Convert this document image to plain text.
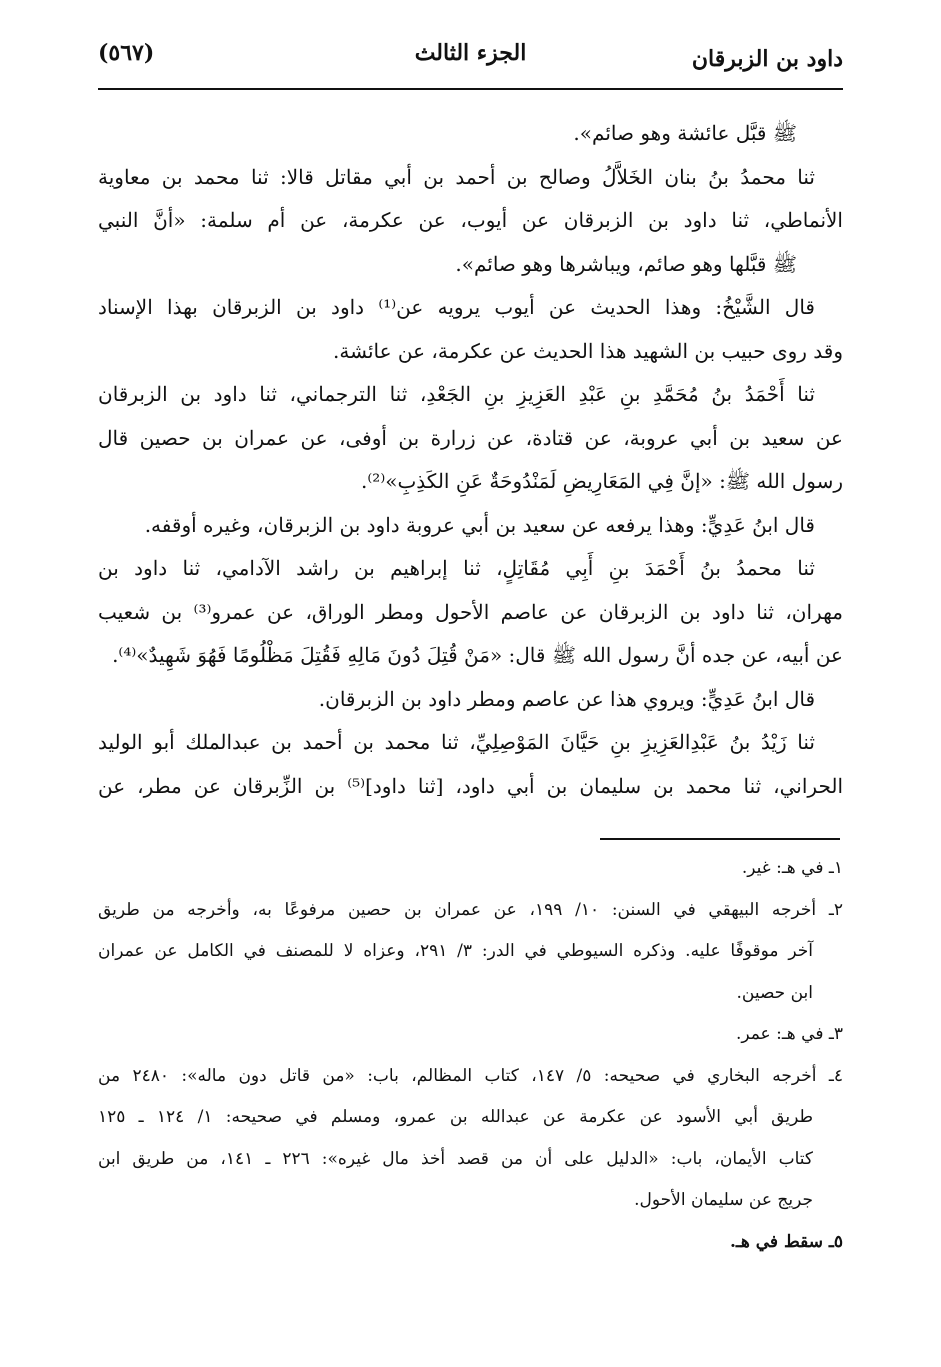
داود بن الزبرقان
الجزء الثالث
(٥٦٧)
ﷺ قبَّل عائشة وهو صائم».
ثنا محمدُ بنُ بنان الخَلاَّلُ وصالح بن أحمد بن أبي مقاتل قالا: ثنا محمد بن معاوية
الأنماطي، ثنا داود بن الزبرقان عن أيوب، عن عكرمة، عن أم سلمة: «أنَّ النبي
ﷺ قبَّلها وهو صائم، ويباشرها وهو صائم».
قال الشَّيْخُ: وهذا الحديث عن أيوب يرويه عن⁽¹⁾ داود بن الزبرقان بهذا الإسناد
وقد روى حبيب بن الشهيد هذا الحديث عن عكرمة، عن عائشة.
ثنا أَحْمَدُ بنُ مُحَمَّدِ بنِ عَبْدِ العَزِيزِ بنِ الجَعْدِ، ثنا الترجماني، ثنا داود بن الزبرقان
عن سعيد بن أبي عروبة، عن قتادة، عن زرارة بن أوفى، عن عمران بن حصين قال
رسول الله ﷺ: «إنَّ فِي المَعَارِيضِ لَمَنْدُوحَةٌ عَنِ الكَذِبِ»⁽²⁾.
قال ابنُ عَدِيٍّ: وهذا يرفعه عن سعيد بن أبي عروبة داود بن الزبرقان، وغيره أوقفه.
ثنا محمدُ بنُ أَحْمَدَ بنِ أَبِي مُقَاتِلٍ، ثنا إبراهيم بن راشد الآدامي، ثنا داود بن
مهران، ثنا داود بن الزبرقان عن عاصم الأحول ومطر الوراق، عن عمرو⁽³⁾ بن شعيب
عن أبيه، عن جده أنَّ رسول الله ﷺ قال: «مَنْ قُتِلَ دُونَ مَالِهِ فَقُتِلَ مَظْلُومًا فَهُوَ شَهِيدٌ»⁽⁴⁾.
قال ابنُ عَدِيٍّ: ويروي هذا عن عاصم ومطر داود بن الزبرقان.
ثنا زَيْدُ بنُ عَبْدِالعَزِيزِ بنِ حَيَّانَ المَوْصِلِيِّ، ثنا محمد بن أحمد بن عبدالملك أبو الوليد
الحراني، ثنا محمد بن سليمان بن أبي داود، [ثنا داود]⁽⁵⁾ بن الزِّبرقان عن مطر، عن
١ـ في هـ: غير.
٢ـ أخرجه البيهقي في السنن: ١٠/ ١٩٩، عن عمران بن حصين مرفوعًا به، وأخرجه من طريق
آخر موقوفًا عليه. وذكره السيوطي في الدر: ٣/ ٢٩١، وعزاه لا للمصنف في الكامل عن عمران
ابن حصين.
٣ـ في هـ: عمر.
٤ـ أخرجه البخاري في صحيحه: ٥/ ١٤٧، كتاب المظالم، باب: «من قاتل دون ماله»: ٢٤٨٠ من
طريق أبي الأسود عن عكرمة عن عبدالله بن عمرو، ومسلم في صحيحه: ١/ ١٢٤ ـ ١٢٥
كتاب الأيمان، باب: «الدليل على أن من قصد أخذ مال غيره»: ٢٢٦ ـ ١٤١، من طريق ابن
جريج عن سليمان الأحول.
٥ـ سقط في هـ.
